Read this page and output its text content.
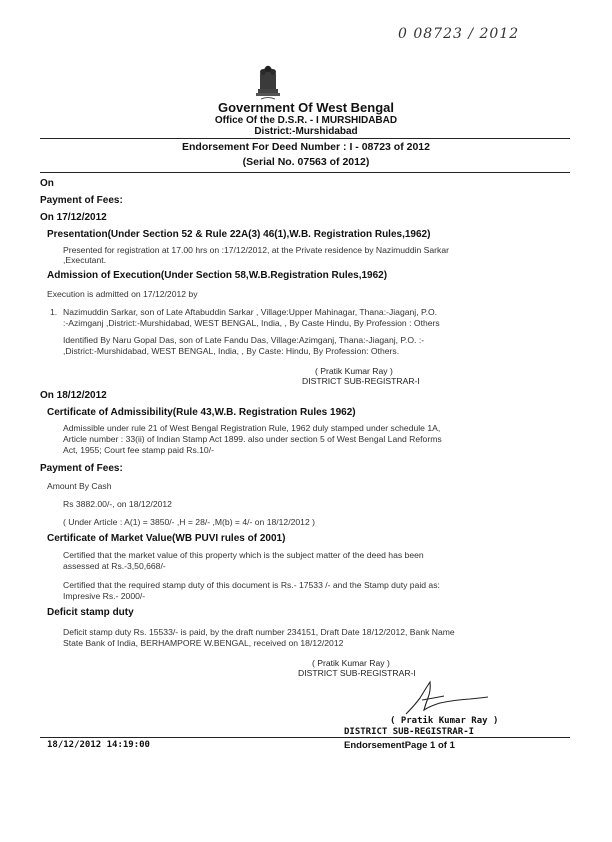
0 08723 / 2012
Government Of West Bengal
Office Of the D.S.R. - I MURSHIDABAD
District:-Murshidabad
Endorsement For Deed Number : I - 08723 of 2012
(Serial No. 07563 of 2012)
On
Payment of Fees:
On 17/12/2012
Presentation(Under Section 52 & Rule 22A(3) 46(1),W.B. Registration Rules,1962)
Presented for registration at 17.00 hrs on :17/12/2012, at the Private residence by Nazimuddin Sarkar
,Executant.
Admission of Execution(Under Section 58,W.B.Registration Rules,1962)
Execution is admitted on 17/12/2012 by
1. Nazimuddin Sarkar, son of Late Aftabuddin Sarkar , Village:Upper Mahinagar, Thana:-Jiaganj, P.O.
:-Azimganj ,District:-Murshidabad, WEST BENGAL, India, , By Caste Hindu, By Profession : Others
Identified By Naru Gopal Das, son of Late Fandu Das, Village:Azimganj, Thana:-Jiaganj, P.O. :-
,District:-Murshidabad, WEST BENGAL, India, , By Caste: Hindu, By Profession: Others.
( Pratik Kumar Ray )
DISTRICT SUB-REGISTRAR-I
On 18/12/2012
Certificate of Admissibility(Rule 43,W.B. Registration Rules 1962)
Admissible under rule 21 of West Bengal Registration Rule, 1962 duly stamped under schedule 1A,
Article number : 33(ii) of Indian Stamp Act 1899. also under section 5 of West Bengal Land Reforms
Act, 1955; Court fee stamp paid Rs.10/-
Payment of Fees:
Amount By Cash
Rs 3882.00/-, on 18/12/2012
( Under Article : A(1) = 3850/- ,H = 28/- ,M(b) = 4/- on 18/12/2012 )
Certificate of Market Value(WB PUVI rules of 2001)
Certified that the market value of this property which is the subject matter of the deed has been
assessed at Rs.-3,50,668/-
Certified that the required stamp duty of this document is Rs.- 17533 /- and the Stamp duty paid as:
Impresive Rs.- 2000/-
Deficit stamp duty
Deficit stamp duty Rs. 15533/- is paid, by the draft number 234151, Draft Date 18/12/2012, Bank Name
State Bank of India, BERHAMPORE W.BENGAL, received on 18/12/2012
( Pratik Kumar Ray )
DISTRICT SUB-REGISTRAR-I
( Pratik Kumar Ray )
DISTRICT SUB-REGISTRAR-I
18/12/2012 14:19:00	EndorsementPage 1 of 1
